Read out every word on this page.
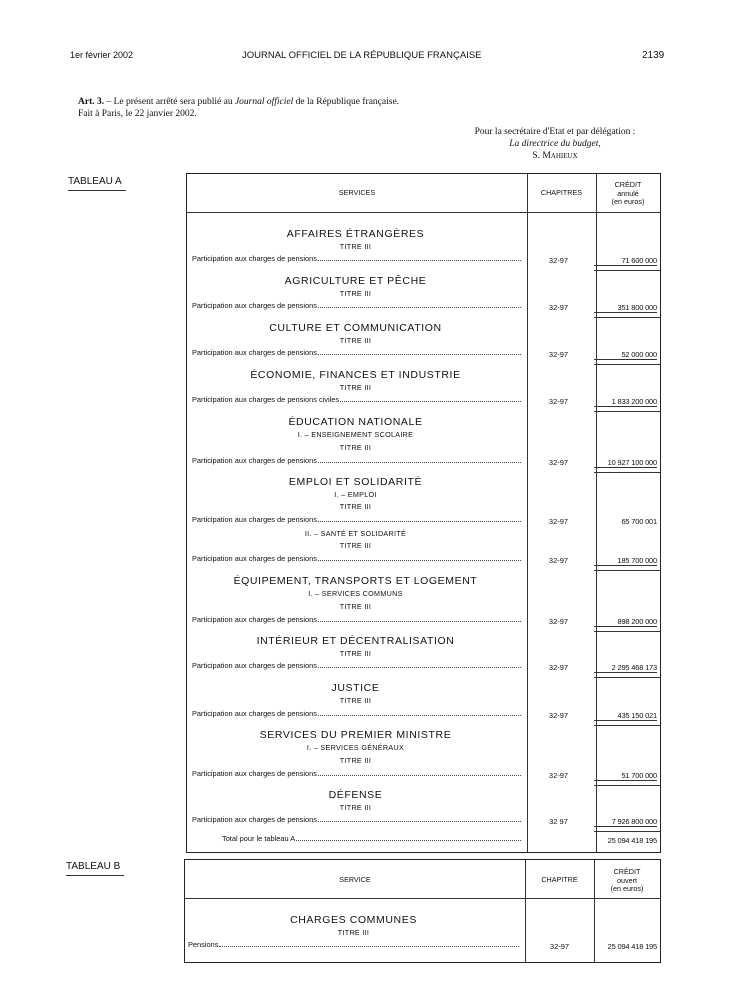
1er février 2002	JOURNAL OFFICIEL DE LA RÉPUBLIQUE FRANÇAISE	2139
Art. 3. – Le présent arrêté sera publié au Journal officiel de la République française.
Fait à Paris, le 22 janvier 2002.
Pour la secrétaire d'Etat et par délégation :
La directrice du budget,
S. Mahieux
TABLEAU A
SERVICES	CHAPITRES
CRÉDIT
annulé
(en euros)
AFFAIRES ÉTRANGÈRES
TITRE III
Participation aux charges de pensions	32-97	71 600 000
AGRICULTURE ET PÊCHE
TITRE III
Participation aux charges de pensions	32-97	351 800 000
CULTURE ET COMMUNICATION
TITRE III
Participation aux charges de pensions	32-97	52 000 000
ÉCONOMIE, FINANCES ET INDUSTRIE
TITRE III
Participation aux charges de pensions civiles	32-97	1 833 200 000
ÉDUCATION NATIONALE
I. – ENSEIGNEMENT SCOLAIRE
TITRE III
Participation aux charges de pensions	32-97	10 927 100 000
EMPLOI ET SOLIDARITÉ
I. – EMPLOI
TITRE III
Participation aux charges de pensions	32-97	65 700 001
II. – SANTÉ ET SOLIDARITÉ
TITRE III
Participation aux charges de pensions	32-97	185 700 000
ÉQUIPEMENT, TRANSPORTS ET LOGEMENT
I. – SERVICES COMMUNS
TITRE III
Participation aux charges de pensions	32-97	898 200 000
INTÉRIEUR ET DÉCENTRALISATION
TITRE III
Participation aux charges de pensions	32-97	2 295 468 173
JUSTICE
TITRE III
Participation aux charges de pensions	32-97	435 150 021
SERVICES DU PREMIER MINISTRE
I. – SERVICES GÉNÉRAUX
TITRE III
Participation aux charges de pensions	32-97	51 700 000
DÉFENSE
TITRE III
Participation aux charges de pensions	32 97	7 926 800 000
Total pour le tableau A	25 094 418 195
TABLEAU B
SERVICE	CHAPITRE
CRÉDIT
ouvert
(en euros)
CHARGES COMMUNES
TITRE III
Pensions	32-97	25 094 418 195
